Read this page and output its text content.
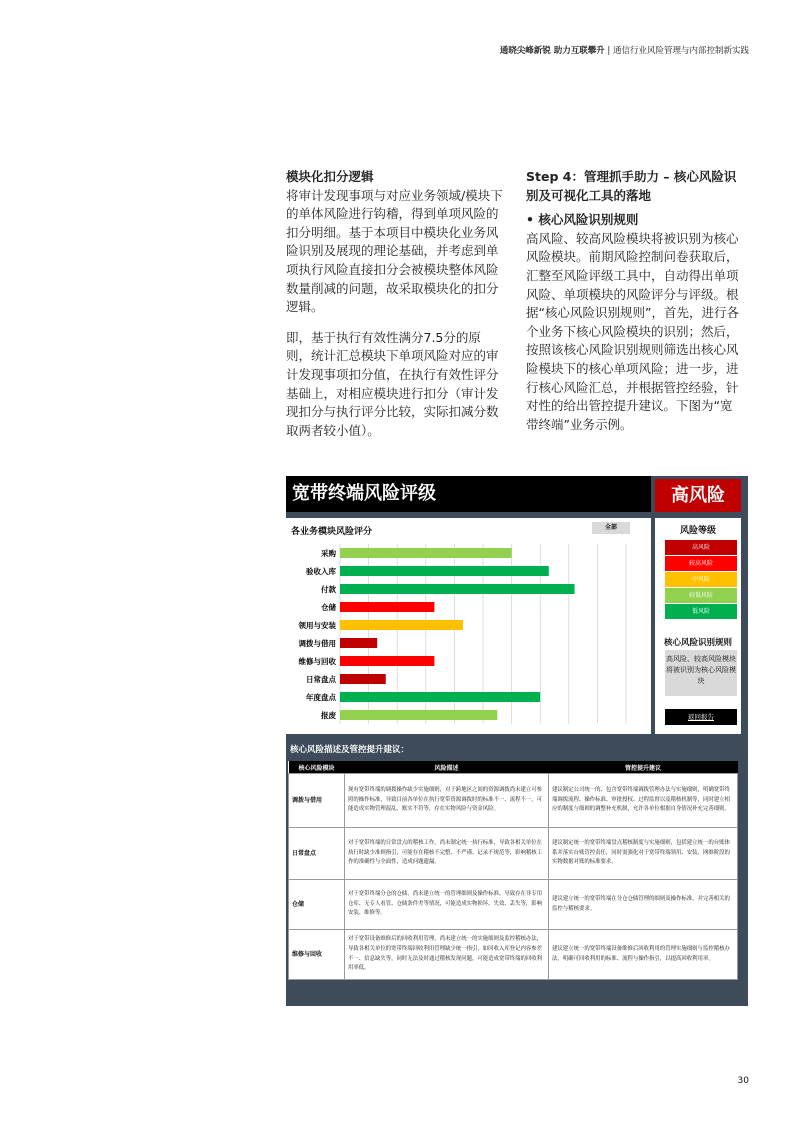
通晓尖峰新锐 助力互联攀升 | 通信行业风险管理与内部控制新实践
模块化扣分逻辑

将审计发现事项与对应业务领域/模块下的单体风险进行钩稽，得到单项风险的扣分明细。基于本项目中模块化业务风险识别及展现的理论基础，并考虑到单项执行风险直接扣分会被模块整体风险数量削减的问题，故采取模块化的扣分逻辑。

即，基于执行有效性满分7.5分的原则，统计汇总模块下单项风险对应的审计发现事项扣分值，在执行有效性评分基础上，对相应模块进行扣分（审计发现扣分与执行评分比较，实际扣减分数取两者较小值）。

Step 4：管理抓手助力 – 核心风险识别及可视化工具的落地

• 核心风险识别规则

高风险、较高风险模块将被识别为核心风险模块。前期风险控制问卷获取后，汇整至风险评级工具中，自动得出单项风险、单项模块的风险评分与评级。根据“核心风险识别规则”，首先，进行各个业务下核心风险模块的识别；然后，按照该核心风险识别规则筛选出核心风险模块下的核心单项风险；进一步，进行核心风险汇总，并根据管控经验，针对性的给出管控提升建议。下图为“宽带终端”业务示例。

宽带终端风险评级	高风险
各业务模块风险评分	全部
采购
验收入库
付款
仓储
领用与安装
调拨与借用
维修与回收
日常盘点
年度盘点
报废
风险等级
高风险
较高风险
中风险
较低风险
低风险
核心风险识别规则
高风险、较高风险模块将被识别为核心风险模块
返回报告
核心风险描述及管控提升建议：
核心风险模块	风险描述	管控提升建议
调拨与借用	现有宽带终端的调拨操作缺少实施细则，对于跨地区之间的资源调拨尚未建立可参照的操作标准，导致目前各单位在执行宽带资源调拨时的标准不一、流程不一，可能造成实物管理混乱、账实不符等，存在实物风险与资金风险。	建议制定公司统一的、包含宽带终端调拨管理办法与实施细则，明确宽带终端调拨流程、操作标准、审批授权、过程监督以及稽核机制等，同时建立相应的制度与细则的调整补充机制，允许各单位根据自身情况补充完善细则。
日常盘点	对于宽带终端的日常盘点的稽核工作，尚未制定统一执行标准，导致各相关单位在执行时缺少准则指引，可能存在稽核不完整、不严谨、记录不规范等，影响稽核工作的准确性与全面性，造成问题遗漏。	建议制定统一的宽带终端盘点稽核制度与实施细则，包括建立统一的台账体系并落实台账管控责任，同时需强化对于宽带终端领用、安装、网维阶段的实物数据对账的标准要求。
仓储	对于宽带终端分仓的仓储，尚未建立统一的管理细则及操作标准，导致存在非专用仓库、无专人看管、仓储条件差等情况，可能造成实物损坏、失效、丢失等，影响安装、维修等。	建议建立统一的宽带终端在分仓仓储管理的细则及操作标准，并完善相关的监控与稽核要求。
维修与回收	对于宽带设备维修后的回收利用管理，尚未建立统一的实施细则及监控稽核办法，导致各相关单位的宽带终端回收利用管理缺少统一指引，如回收入库登记内容参差不一、信息缺失等，同时无法及时通过稽核发现问题，可能造成宽带终端的回收利用率低。	建议建立统一的宽带终端设备维修后回收利用的管理实施细则与监控稽核办法，明确可回收利用的标准、流程与操作指引，以提高回收利用率。
30
